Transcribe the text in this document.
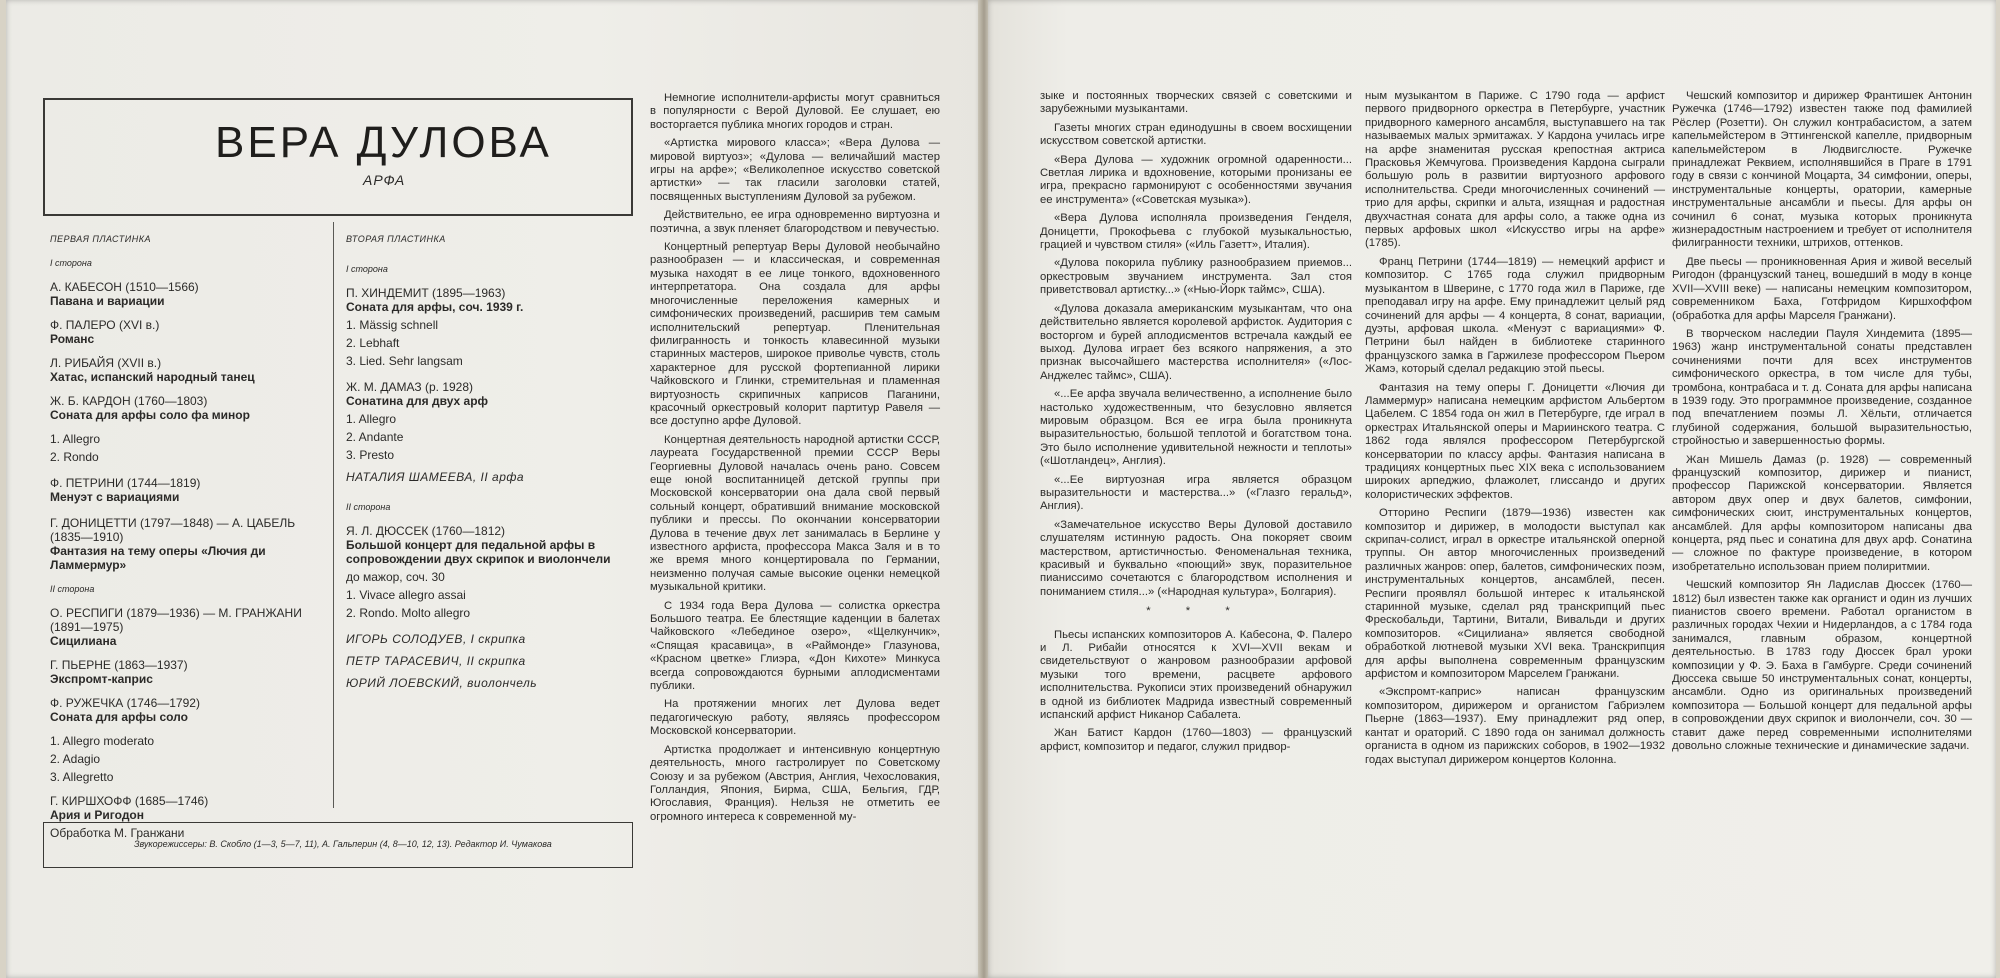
ВЕРА ДУЛОВА
АРФА
ПЕРВАЯ ПЛАСТИНКА
I сторона
А. КАБЕСОН (1510—1566)
Павана и вариации
Ф. ПАЛЕРО (XVI в.)
Романс
Л. РИБАЙЯ (XVII в.)
Хатас, испанский народный танец
Ж. Б. КАРДОН (1760—1803)
Соната для арфы соло фа минор
1. Allegro
2. Rondo
Ф. ПЕТРИНИ (1744—1819)
Менуэт с вариациями
Г. ДОНИЦЕТТИ (1797—1848) — А. ЦАБЕЛЬ (1835—1910)
Фантазия на тему оперы «Лючия ди Ламмермур»
II сторона
О. РЕСПИГИ (1879—1936) — М. ГРАНЖАНИ (1891—1975)
Сицилиана
Г. ПЬЕРНЕ (1863—1937)
Экспромт-каприс
Ф. РУЖЕЧКА (1746—1792)
Соната для арфы соло
1. Allegro moderato
2. Adagio
3. Allegretto
Г. КИРШХОФФ (1685—1746)
Ария и Ригодон
Обработка М. Гранжани
ВТОРАЯ ПЛАСТИНКА
I сторона
П. ХИНДЕМИТ (1895—1963)
Соната для арфы, соч. 1939 г.
1. Mässig schnell
2. Lebhaft
3. Lied. Sehr langsam
Ж. М. ДАМАЗ (р. 1928)
Сонатина для двух арф
1. Allegro
2. Andante
3. Presto
НАТАЛИЯ ШАМЕЕВА, II арфа
II сторона
Я. Л. ДЮССЕК (1760—1812)
Большой концерт для педальной арфы в сопровождении двух скрипок и виолончели
до мажор, соч. 30
1. Vivace allegro assai
2. Rondo. Molto allegro
ИГОРЬ СОЛОДУЕВ, I скрипка
ПЕТР ТАРАСЕВИЧ, II скрипка
ЮРИЙ ЛОЕВСКИЙ, виолончель
Звукорежиссеры: В. Скобло (1—3, 5—7, 11), А. Гальперин (4, 8—10, 12, 13). Редактор И. Чумакова

Немногие исполнители-арфисты могут сравниться в популярности с Верой Дуловой. Ее слушает, ею восторгается публика многих городов и стран.

«Артистка мирового класса»; «Вера Дулова — мировой виртуоз»; «Дулова — величайший мастер игры на арфе»; «Великолепное искусство советской артистки» — так гласили заголовки статей, посвященных выступлениям Дуловой за рубежом.

Действительно, ее игра одновременно виртуозна и поэтична, а звук пленяет благородством и певучестью.

Концертный репертуар Веры Дуловой необычайно разнообразен — и классическая, и современная музыка находят в ее лице тонкого, вдохновенного интерпретатора. Она создала для арфы многочисленные переложения камерных и симфонических произведений, расширив тем самым исполнительский репертуар. Пленительная филигранность и тонкость клавесинной музыки старинных мастеров, широкое привольe чувств, столь характерное для русской фортепианной лирики Чайковского и Глинки, стремительная и пламенная виртуозность скрипичных каприсов Паганини, красочный оркестровый колорит партитур Равеля — все доступно арфе Дуловой.

Концертная деятельность народной артистки СССР, лауреата Государственной премии СССР Веры Георгиевны Дуловой началась очень рано. Совсем еще юной воспитанницей детской группы при Московской консерватории она дала свой первый сольный концерт, обративший внимание московской публики и прессы. По окончании консерватории Дулова в течение двух лет занималась в Берлине у известного арфиста, профессора Макса Заля и в то же время много концертировала по Германии, неизменно получая самые высокие оценки немецкой музыкальной критики.

С 1934 года Вера Дулова — солистка оркестра Большого театра. Ее блестящие каденции в балетах Чайковского «Лебединое озеро», «Щелкунчик», «Спящая красавица», в «Раймонде» Глазунова, «Красном цветке» Глиэра, «Дон Кихоте» Минкуса всегда сопровождаются бурными аплодисментами публики.

На протяжении многих лет Дулова ведет педагогическую работу, являясь профессором Московской консерватории.

Артистка продолжает и интенсивную концертную деятельность, много гастролирует по Советскому Союзу и за рубежом (Австрия, Англия, Чехословакия, Голландия, Япония, Бирма, США, Бельгия, ГДР, Югославия, Франция). Нельзя не отметить ее огромного интереса к современной му-

зыке и постоянных творческих связей с советскими и зарубежными музыкантами.

Газеты многих стран единодушны в своем восхищении искусством советской артистки.

«Вера Дулова — художник огромной одаренности... Светлая лирика и вдохновение, которыми пронизаны ее игра, прекрасно гармонируют с особенностями звучания ее инструмента» («Советская музыка»).

«Вера Дулова исполняла произведения Генделя, Доницетти, Прокофьева с глубокой музыкальностью, грацией и чувством стиля» («Иль Газетт», Италия).

«Дулова покорила публику разнообразием приемов... оркестровым звучанием инструмента. Зал стоя приветствовал артистку...» («Нью-Йорк таймс», США).

«Дулова доказала американским музыкантам, что она действительно является королевой арфисток. Аудитория с восторгом и бурей аплодисментов встречала каждый ее выход. Дулова играет без всякого напряжения, а это признак высочайшего мастерства исполнителя» («Лос-Анджелес таймс», США).

«...Ее арфа звучала величественно, а исполнение было настолько художественным, что безусловно является мировым образцом. Вся ее игра была проникнута выразительностью, большой теплотой и богатством тона. Это было исполнение удивительной нежности и теплоты» («Шотландец», Англия).

«...Ее виртуозная игра является образцом выразительности и мастерства...» («Глазго геральд», Англия).

«Замечательное искусство Веры Дуловой доставило слушателям истинную радость. Она покоряет своим мастерством, артистичностью. Феноменальная техника, красивый и буквально «поющий» звук, поразительное пианиссимо сочетаются с благородством исполнения и пониманием стиля...» («Народная культура», Болгария).

* * *

Пьесы испанских композиторов А. Кабесона, Ф. Палеро и Л. Рибайи относятся к XVI—XVII векам и свидетельствуют о жанровом разнообразии арфовой музыки того времени, расцвете арфового исполнительства. Рукописи этих произведений обнаружил в одной из библиотек Мадрида известный современный испанский арфист Никанор Сабалета.

Жан Батист Кардон (1760—1803) — французский арфист, композитор и педагог, служил придвор-

ным музыкантом в Париже. С 1790 года — арфист первого придворного оркестра в Петербурге, участник придворного камерного ансамбля, выступавшего на так называемых малых эрмитажах. У Кардона училась игре на арфе знаменитая русская крепостная актриса Прасковья Жемчугова. Произведения Кардона сыграли большую роль в развитии виртуозного арфового исполнительства. Среди многочисленных сочинений — трио для арфы, скрипки и альта, изящная и радостная двухчастная соната для арфы соло, а также одна из первых арфовых школ «Искусство игры на арфе» (1785).

Франц Петрини (1744—1819) — немецкий арфист и композитор. С 1765 года служил придворным музыкантом в Шверине, с 1770 года жил в Париже, где преподавал игру на арфе. Ему принадлежит целый ряд сочинений для арфы — 4 концерта, 8 сонат, вариации, дуэты, арфовая школа. «Менуэт с вариациями» Ф. Петрини был найден в библиотеке старинного французского замка в Гаржилезе профессором Пьером Жамэ, который сделал редакцию этой пьесы.

Фантазия на тему оперы Г. Доницетти «Лючия ди Ламмермур» написана немецким арфистом Альбертом Цабелем. С 1854 года он жил в Петербурге, где играл в оркестрах Итальянской оперы и Мариинского театра. С 1862 года являлся профессором Петербургской консерватории по классу арфы. Фантазия написана в традициях концертных пьес XIX века с использованием широких арпеджио, флажолет, глиссандо и других колористических эффектов.

Отторино Респиги (1879—1936) известен как композитор и дирижер, в молодости выступал как скрипач-солист, играл в оркестре итальянской оперной труппы. Он автор многочисленных произведений различных жанров: опер, балетов, симфонических поэм, инструментальных концертов, ансамблей, песен. Респиги проявлял большой интерес к итальянской старинной музыке, сделал ряд транскрипций пьес Фрескобальди, Тартини, Витали, Вивальди и других композиторов. «Сицилиана» является свободной обработкой лютневой музыки XVI века. Транскрипция для арфы выполнена современным французским арфистом и композитором Марселем Гранжани.

«Экспромт-каприс» написан французским композитором, дирижером и органистом Габриэлем Пьерне (1863—1937). Ему принадлежит ряд опер, кантат и ораторий. С 1890 года он занимал должность органиста в одном из парижских соборов, в 1902—1932 годах выступал дирижером концертов Колонна.

Чешский композитор и дирижер Франтишек Антонин Ружечка (1746—1792) известен также под фамилией Рёслер (Розетти). Он служил контрабасистом, а затем капельмейстером в Эттингенской капелле, придворным капельмейстером в Людвигслюсте. Ружечке принадлежат Реквием, исполнявшийся в Праге в 1791 году в связи с кончиной Моцарта, 34 симфонии, оперы, инструментальные концерты, оратории, камерные инструментальные ансамбли и пьесы. Для арфы он сочинил 6 сонат, музыка которых проникнута жизнерадостным настроением и требует от исполнителя филигранности техники, штрихов, оттенков.

Две пьесы — проникновенная Ария и живой веселый Ригодон (французский танец, вошедший в моду в конце XVII—XVIII веке) — написаны немецким композитором, современником Баха, Готфридом Киршхоффом (обработка для арфы Марселя Гранжани).

В творческом наследии Пауля Хиндемита (1895—1963) жанр инструментальной сонаты представлен сочинениями почти для всех инструментов симфонического оркестра, в том числе для тубы, тромбона, контрабаса и т. д. Соната для арфы написана в 1939 году. Это программное произведение, созданное под впечатлением поэмы Л. Хёльти, отличается глубиной содержания, большой выразительностью, стройностью и завершенностью формы.

Жан Мишель Дамаз (р. 1928) — современный французский композитор, дирижер и пианист, профессор Парижской консерватории. Является автором двух опер и двух балетов, симфонии, симфонических сюит, инструментальных концертов, ансамблей. Для арфы композитором написаны два концерта, ряд пьес и сонатина для двух арф. Сонатина — сложное по фактуре произведение, в котором изобретательно использован прием полиритмии.

Чешский композитор Ян Ладислав Дюссек (1760—1812) был известен также как органист и один из лучших пианистов своего времени. Работал органистом в различных городах Чехии и Нидерландов, а с 1784 года занимался, главным образом, концертной деятельностью. В 1783 году Дюссек брал уроки композиции у Ф. Э. Баха в Гамбурге. Среди сочинений Дюссека свыше 50 инструментальных сонат, концерты, ансамбли. Одно из оригинальных произведений композитора — Большой концерт для педальной арфы в сопровождении двух скрипок и виолончели, соч. 30 — ставит даже перед современными исполнителями довольно сложные технические и динамические задачи.
